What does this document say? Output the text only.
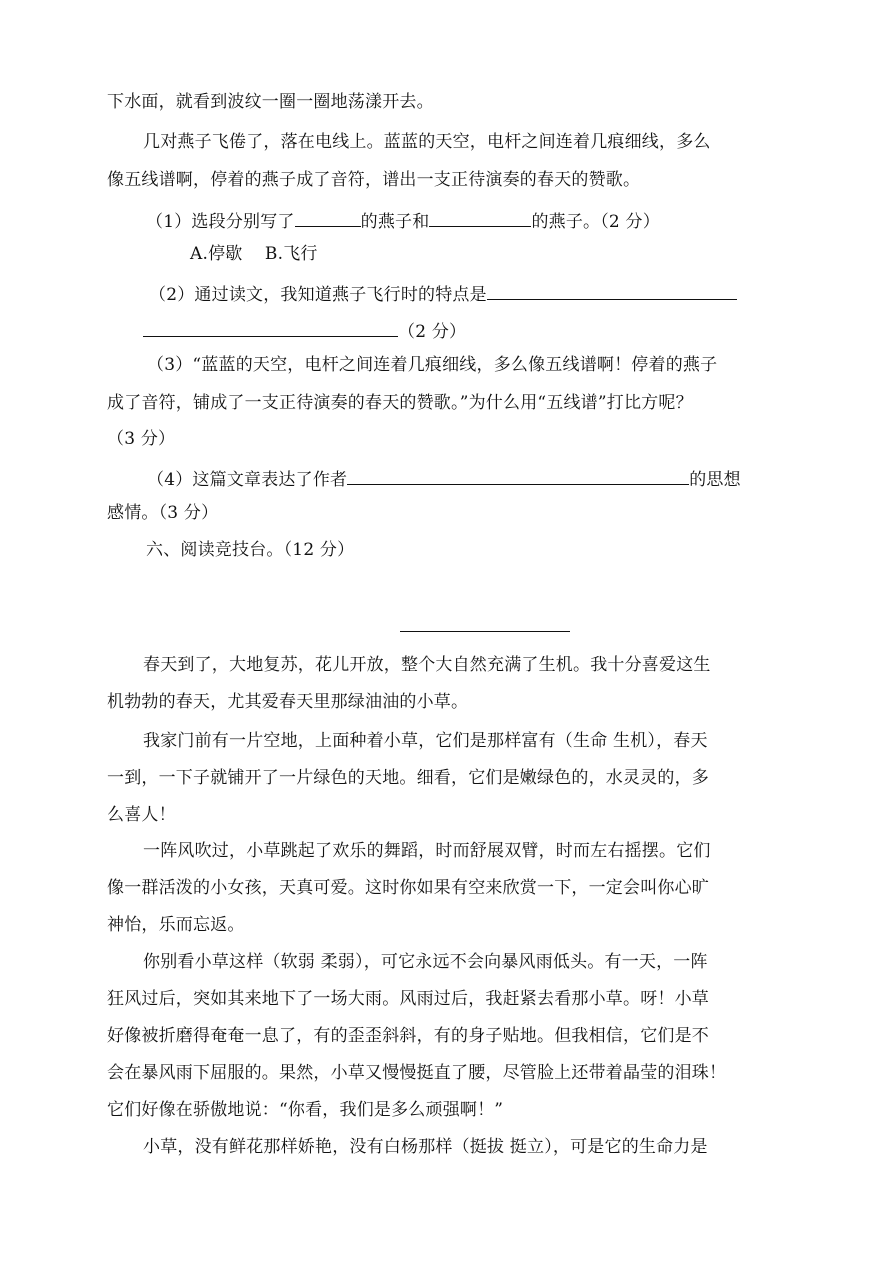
下水面，就看到波纹一圈一圈地荡漾开去。
几对燕子飞倦了，落在电线上。蓝蓝的天空，电杆之间连着几痕细线，多么
像五线谱啊，停着的燕子成了音符，谱出一支正待演奏的春天的赞歌。
（1）选段分别写了	的燕子和	的燕子。（2 分）
A.停歇    B.飞行
（2）通过读文，我知道燕子飞行时的特点是
（2 分）
（3）“蓝蓝的天空，电杆之间连着几痕细线，多么像五线谱啊！停着的燕子
成了音符，铺成了一支正待演奏的春天的赞歌。”为什么用“五线谱”打比方呢？
（3 分）
（4）这篇文章表达了作者	的思想
感情。（3 分）
六、阅读竞技台。（12 分）
春天到了，大地复苏，花儿开放，整个大自然充满了生机。我十分喜爱这生
机勃勃的春天，尤其爱春天里那绿油油的小草。
我家门前有一片空地，上面种着小草，它们是那样富有（生命 生机），春天
一到，一下子就铺开了一片绿色的天地。细看，它们是嫩绿色的，水灵灵的，多
么喜人！
一阵风吹过，小草跳起了欢乐的舞蹈，时而舒展双臂，时而左右摇摆。它们
像一群活泼的小女孩，天真可爱。这时你如果有空来欣赏一下，一定会叫你心旷
神怡，乐而忘返。
你别看小草这样（软弱 柔弱），可它永远不会向暴风雨低头。有一天，一阵
狂风过后，突如其来地下了一场大雨。风雨过后，我赶紧去看那小草。呀！小草
好像被折磨得奄奄一息了，有的歪歪斜斜，有的身子贴地。但我相信，它们是不
会在暴风雨下屈服的。果然，小草又慢慢挺直了腰，尽管脸上还带着晶莹的泪珠！
它们好像在骄傲地说：“你看，我们是多么顽强啊！”
小草，没有鲜花那样娇艳，没有白杨那样（挺拔 挺立），可是它的生命力是
